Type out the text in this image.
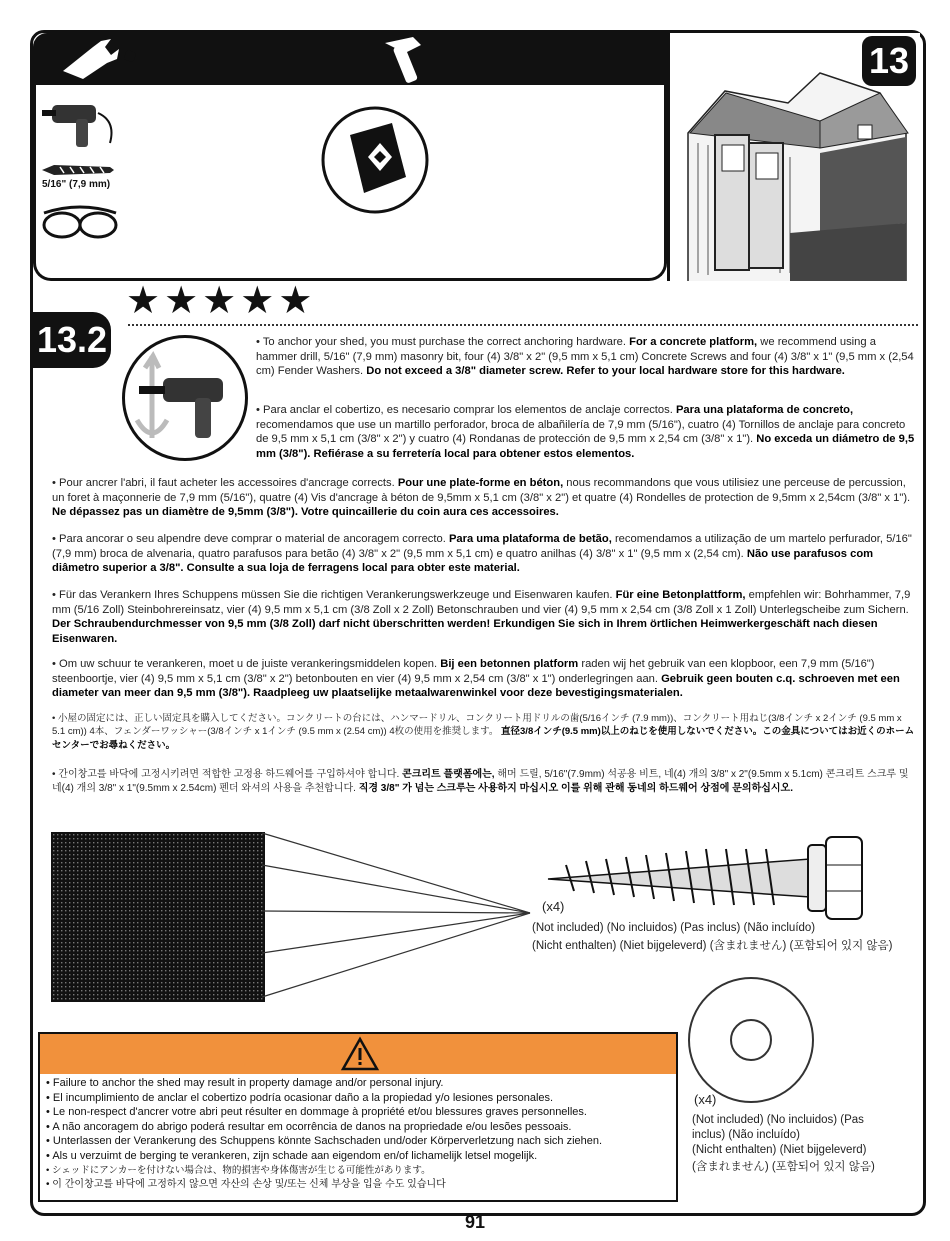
5/16" (7,9 mm)
13
13.2
★ ★ ★ ★ ★
• To anchor your shed, you must purchase the correct anchoring hardware. For a concrete platform, we recommend using a hammer drill, 5/16" (7,9 mm) masonry bit, four (4) 3/8" x 2" (9,5 mm x 5,1 cm) Concrete Screws and four (4) 3/8" x 1" (9,5 mm x (2,54 cm) Fender Washers. Do not exceed a 3/8" diameter screw. Refer to your local hardware store for this hardware.
• Para anclar el cobertizo, es necesario comprar los elementos de anclaje correctos. Para una plataforma de concreto, recomendamos que use un martillo perforador, broca de albañilería de 7,9 mm (5/16"), cuatro (4) Tornillos de anclaje para concreto de 9,5 mm x 5,1 cm (3/8" x 2") y cuatro (4) Rondanas de protección de 9,5 mm x 2,54 cm (3/8" x 1"). No exceda un diámetro de 9,5 mm (3/8"). Refiérase a su ferretería local para obtener estos elementos.
• Pour ancrer l'abri, il faut acheter les accessoires d'ancrage corrects. Pour une plate-forme en béton, nous recommandons que vous utilisiez une perceuse de percussion, un foret à maçonnerie de 7,9 mm (5/16"), quatre (4) Vis d'ancrage à béton de 9,5mm x 5,1 cm (3/8" x 2") et quatre (4) Rondelles de protection de 9,5mm x 2,54cm (3/8" x 1"). Ne dépassez pas un diamètre de 9,5mm (3/8"). Votre quincaillerie du coin aura ces accessoires.
• Para ancorar o seu alpendre deve comprar o material de ancoragem correcto. Para uma plataforma de betão, recomendamos a utilização de um martelo perfurador, 5/16" (7,9 mm) broca de alvenaria, quatro parafusos para betão (4) 3/8" x 2" (9,5 mm x 5,1 cm) e quatro anilhas (4) 3/8" x 1" (9,5 mm x (2,54 cm). Não use parafusos com diâmetro superior a 3/8". Consulte a sua loja de ferragens local para obter este material.
• Für das Verankern Ihres Schuppens müssen Sie die richtigen Verankerungswerkzeuge und Eisenwaren kaufen. Für eine Betonplattform, empfehlen wir: Bohrhammer, 7,9 mm (5/16 Zoll) Steinbohrereinsatz, vier (4) 9,5 mm x 5,1 cm (3/8 Zoll x 2 Zoll) Betonschrauben und vier (4) 9,5 mm x 2,54 cm (3/8 Zoll x 1 Zoll) Unterlegscheibe zum Sichern. Der Schraubendurchmesser von 9,5 mm (3/8 Zoll) darf nicht überschritten werden! Erkundigen Sie sich in Ihrem örtlichen Heimwerkergeschäft nach diesen Eisenwaren.
• Om uw schuur te verankeren, moet u de juiste verankeringsmiddelen kopen. Bij een betonnen platform raden wij het gebruik van een klopboor, een 7,9 mm (5/16") steenboortje, vier (4) 9,5 mm x 5,1 cm (3/8" x 2") betonbouten en vier (4) 9,5 mm x 2,54 cm (3/8" x 1") onderlegringen aan. Gebruik geen bouten c.q. schroeven met een diameter van meer dan 9,5 mm (3/8"). Raadpleeg uw plaatselijke metaalwarenwinkel voor deze bevestigingsmaterialen.
• 小屋の固定には、正しい固定具を購入してください。コンクリートの台には、ハンマードリル、コンクリート用ドリルの歯(5/16インチ (7.9 mm))、コンクリート用ねじ(3/8インチ x 2インチ (9.5 mm x 5.1 cm)) 4本、フェンダーワッシャー(3/8インチ x 1インチ (9.5 mm x (2.54 cm)) 4枚の使用を推奨します。 直径3/8インチ(9.5 mm)以上のねじを使用しないでください。この金具についてはお近くのホームセンターでお尋ねください。
• 간이창고를 바닥에 고정시키려면 적합한 고정용 하드웨어를 구입하셔야 합니다. 콘크리트 플랫폼에는, 해머 드릴, 5/16"(7.9mm) 석공용 비트, 네(4) 개의 3/8" x 2"(9.5mm x 5.1cm) 콘크리트 스크루 및 네(4) 개의 3/8" x 1"(9.5mm x 2.54cm) 펜더 와셔의 사용을 추천합니다. 직경 3/8" 가 넘는 스크루는 사용하지 마십시오 이를 위해 관해 동네의 하드웨어 상점에 문의하십시오.
(x4)
(Not included) (No incluidos) (Pas inclus) (Não incluído)
(Nicht enthalten) (Niet bijgeleverd) (含まれません) (포함되어 있지 않음)
(x4)
(Not included) (No incluidos) (Pas
inclus) (Não incluído)
(Nicht enthalten) (Niet bijgeleverd)
(含まれません) (포함되어 있지 않음)
• Failure to anchor the shed may result in property damage and/or personal injury.
• El incumplimiento de anclar el cobertizo podría ocasionar daño a la propiedad y/o lesiones personales.
• Le non-respect d'ancrer votre abri peut résulter en dommage à propriété et/ou blessures graves personnelles.
• A não ancoragem do abrigo poderá resultar em ocorrência de danos na propriedade e/ou lesões pessoais.
• Unterlassen der Verankerung des Schuppens könnte Sachschaden und/oder Körperverletzung nach sich ziehen.
• Als u verzuimt de berging te verankeren, zijn schade aan eigendom en/of lichamelijk letsel mogelijk.
• シェッドにアンカーを付けない場合は、物的損害や身体傷害が生じる可能性があります。
• 이 간이창고를 바닥에 고정하지 않으면 자산의 손상 및/또는 신체 부상을 입을 수도 있습니다
91
